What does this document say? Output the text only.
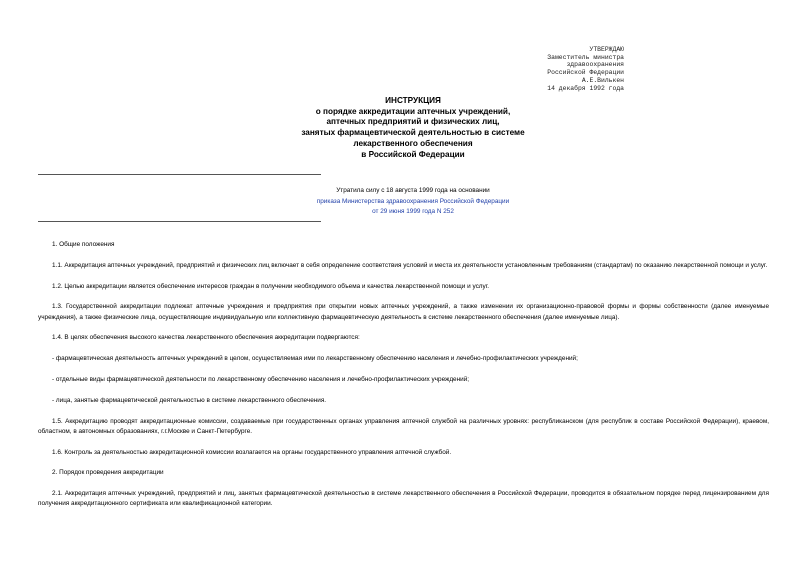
УТВЕРЖДАЮ
Заместитель министра
здравоохранения
Российской Федерации
А.Е.Вилькен
14 декабря 1992 года
ИНСТРУКЦИЯ
о порядке аккредитации аптечных учреждений,
аптечных предприятий и физических лиц,
занятых фармацевтической деятельностью в системе
лекарственного обеспечения
в Российской Федерации
Утратила силу с 18 августа 1999 года на основании
приказа Министерства здравоохранения Российской Федерации
от 29 июня 1999 года N 252

1. Общие положения

1.1. Аккредитация аптечных учреждений, предприятий и физических лиц включает в себя определение соответствия условий и места их деятельности установленным требованиям (стандартам) по оказанию лекарственной помощи и услуг.

1.2. Целью аккредитации является обеспечение интересов граждан в получении необходимого объема и качества лекарственной помощи и услуг.

1.3. Государственной аккредитации подлежат аптечные учреждения и предприятия при открытии новых аптечных учреждений, а также изменении их организационно-правовой формы и формы собственности (далее именуемые учреждения), а также физические лица, осуществляющие индивидуальную или коллективную фармацевтическую деятельность в системе лекарственного обеспечения (далее именуемые лица).

1.4. В целях обеспечения высокого качества лекарственного обеспечения аккредитации подвергаются:

- фармацевтическая деятельность аптечных учреждений в целом, осуществляемая ими по лекарственному обеспечению населения и лечебно-профилактических учреждений;

- отдельные виды фармацевтической деятельности по лекарственному обеспечению населения и лечебно-профилактических учреждений;

- лица, занятые фармацевтической деятельностью в системе лекарственного обеспечения.

1.5. Аккредитацию проводят аккредитационные комиссии, создаваемые при государственных органах управления аптечной службой на различных уровнях: республиканском (для республик в составе Российской Федерации), краевом, областном, в автономных образованиях, г.г.Москве и Санкт-Петербурге.

1.6. Контроль за деятельностью аккредитационной комиссии возлагается на органы государственного управления аптечной службой.

2. Порядок проведения аккредитации

2.1. Аккредитация аптечных учреждений, предприятий и лиц, занятых фармацевтической деятельностью в системе лекарственного обеспечения в Российской Федерации, проводится в обязательном порядке перед лицензированием для получения аккредитационного сертификата или квалификационной категории.
